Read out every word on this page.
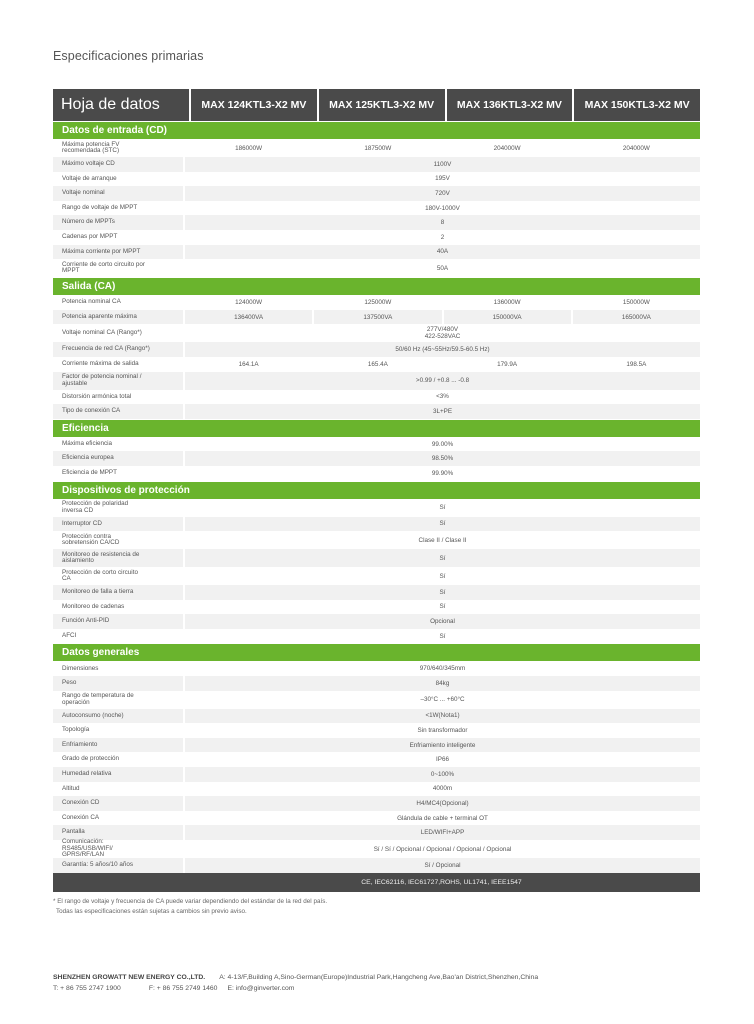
Especificaciones primarias
Hoja de datos	MAX 124KTL3-X2 MV	MAX 125KTL3-X2 MV	MAX 136KTL3-X2 MV	MAX 150KTL3-X2 MV
Datos de entrada (CD)
Máxima potencia FV recomendada (STC)	186000W	187500W	204000W	204000W
Máximo voltaje CD	1100V
Voltaje de arranque	195V
Voltaje nominal	720V
Rango de voltaje de MPPT	180V-1000V
Número de MPPTs	8
Cadenas por MPPT	2
Máxima corriente por MPPT	40A
Corriente de corto circuito por MPPT	50A
Salida (CA)
Potencia nominal CA	124000W	125000W	136000W	150000W
Potencia aparente máxima	136400VA	137500VA	150000VA	165000VA
Voltaje nominal CA (Rango*)	277V/480V
422-528VAC
Frecuencia de red CA (Rango*)	50/60 Hz (45~55Hz/59.5-60.5 Hz)
Corriente máxima de salida	164.1A	165.4A	179.9A	198.5A
Factor de potencia nominal / ajustable	>0.99 / +0.8 ... -0.8
Distorsión armónica total	<3%
Tipo de conexión CA	3L+PE
Eficiencia
Máxima eficiencia	99.00%
Eficiencia europea	98.50%
Eficiencia de MPPT	99.90%
Dispositivos de protección
Protección de polaridad inversa CD	Sí
Interruptor CD	Sí
Protección contra sobretensión CA/CD	Clase II / Clase II
Monitoreo de resistencia de aislamiento	Sí
Protección de corto circuito CA	Sí
Monitoreo de falla a tierra	Sí
Monitoreo de cadenas	Sí
Función Anti-PID	Opcional
AFCI	Sí
Datos generales
Dimensiones	970/640/345mm
Peso	84kg
Rango de temperatura de operación	–30°C ... +60°C
Autoconsumo (noche)	<1W(Nota1)
Topología	Sin transformador
Enfriamiento	Enfriamiento inteligente
Grado de protección	IP66
Humedad relativa	0~100%
Altitud	4000m
Conexión CD	H4/MC4(Opcional)
Conexión CA	Glándula de cable + terminal OT
Pantalla	LED/WIFI+APP
Comunicación: RS485/USB/WIFI/ GPRS/RF/LAN
Sí / Sí / Opcional / Opcional / Opcional / Opcional
Garantía: 5 años/10 años	Sí / Opcional
CE, IEC62116, IEC61727,ROHS, UL1741, IEEE1547
* El rango de voltaje y frecuencia de CA puede variar dependiendo del estándar de la red del país.
Todas las especificaciones están sujetas a cambios sin previo aviso.
SHENZHEN GROWATT NEW ENERGY CO.,LTD. A: 4-13/F,Building A,Sino-German(Europe)Industrial Park,Hangcheng Ave,Bao'an District,Shenzhen,China
T: + 86 755 2747 1900	F: + 86 755 2749 1460 E: info@ginverter.com
